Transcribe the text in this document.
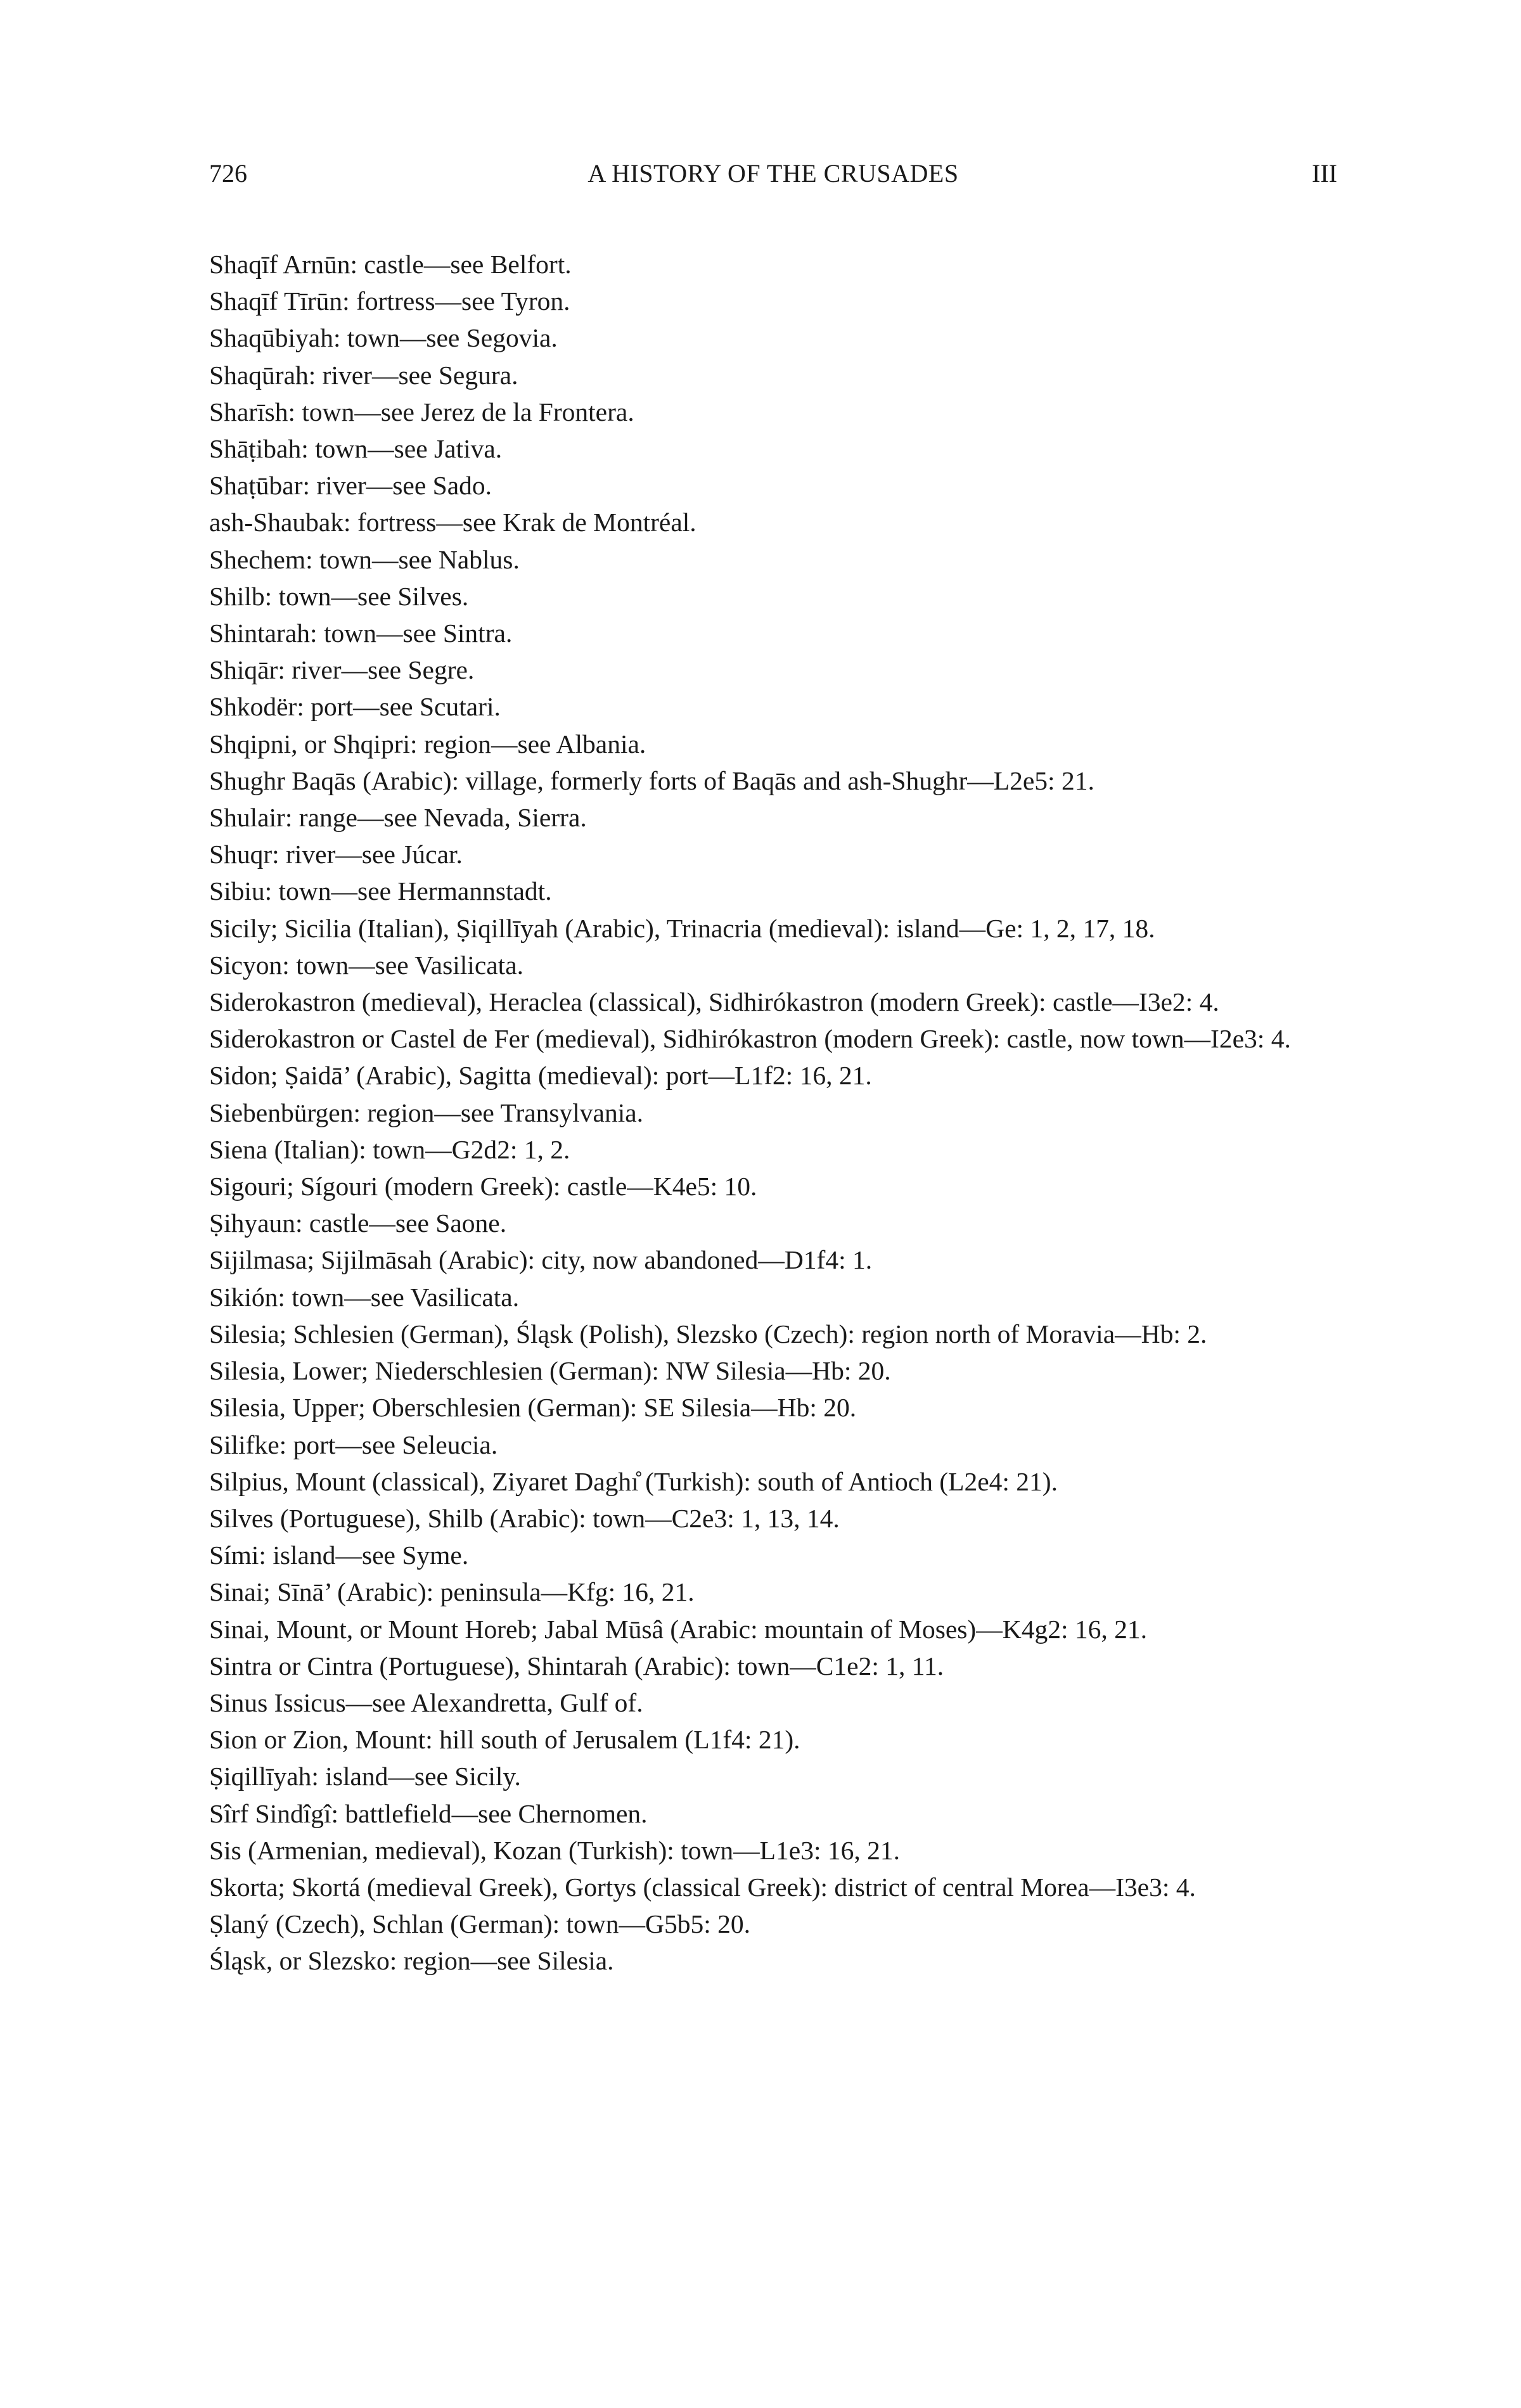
726	A HISTORY OF THE CRUSADES	III
Shaqīf Arnūn: castle—see Belfort.
Shaqīf Tīrūn: fortress—see Tyron.
Shaqūbiyah: town—see Segovia.
Shaqūrah: river—see Segura.
Sharīsh: town—see Jerez de la Frontera.
Shāṭibah: town—see Jativa.
Shaṭūbar: river—see Sado.
ash-Shaubak: fortress—see Krak de Montréal.
Shechem: town—see Nablus.
Shilb: town—see Silves.
Shintarah: town—see Sintra.
Shiqār: river—see Segre.
Shkodër: port—see Scutari.
Shqipni, or Shqipri: region—see Albania.
Shughr Baqās (Arabic): village, formerly forts of Baqās and ash-Shughr—L2e5: 21.
Shulair: range—see Nevada, Sierra.
Shuqr: river—see Júcar.
Sibiu: town—see Hermannstadt.
Sicily; Sicilia (Italian), Ṣiqillīyah (Arabic), Trinacria (medieval): island—Ge: 1, 2, 17, 18.
Sicyon: town—see Vasilicata.
Siderokastron (medieval), Heraclea (classical), Sidhirókastron (modern Greek): castle—I3e2: 4.
Siderokastron or Castel de Fer (medieval), Sidhirókastron (modern Greek): castle, now town—I2e3: 4.
Sidon; Ṣaidā’ (Arabic), Sagitta (medieval): port—L1f2: 16, 21.
Siebenbürgen: region—see Transylvania.
Siena (Italian): town—G2d2: 1, 2.
Sigouri; Sígouri (modern Greek): castle—K4e5: 10.
Ṣihyaun: castle—see Saone.
Sijilmasa; Sijilmāsah (Arabic): city, now abandoned—D1f4: 1.
Sikión: town—see Vasilicata.
Silesia; Schlesien (German), Śląsk (Polish), Slezsko (Czech): region north of Moravia—Hb: 2.
Silesia, Lower; Niederschlesien (German): NW Silesia—Hb: 20.
Silesia, Upper; Oberschlesien (German): SE Silesia—Hb: 20.
Silifke: port—see Seleucia.
Silpius, Mount (classical), Ziyaret Daghı̊ (Turkish): south of Antioch (L2e4: 21).
Silves (Portuguese), Shilb (Arabic): town—C2e3: 1, 13, 14.
Sími: island—see Syme.
Sinai; Sīnā’ (Arabic): peninsula—Kfg: 16, 21.
Sinai, Mount, or Mount Horeb; Jabal Mūsâ (Arabic: mountain of Moses)—K4g2: 16, 21.
Sintra or Cintra (Portuguese), Shintarah (Arabic): town—C1e2: 1, 11.
Sinus Issicus—see Alexandretta, Gulf of.
Sion or Zion, Mount: hill south of Jerusalem (L1f4: 21).
Ṣiqillīyah: island—see Sicily.
Sîrf Sindîgî: battlefield—see Chernomen.
Sis (Armenian, medieval), Kozan (Turkish): town—L1e3: 16, 21.
Skorta; Skortá (medieval Greek), Gortys (classical Greek): district of central Morea—I3e3: 4.
Ṣlaný (Czech), Schlan (German): town—G5b5: 20.
Śląsk, or Slezsko: region—see Silesia.
